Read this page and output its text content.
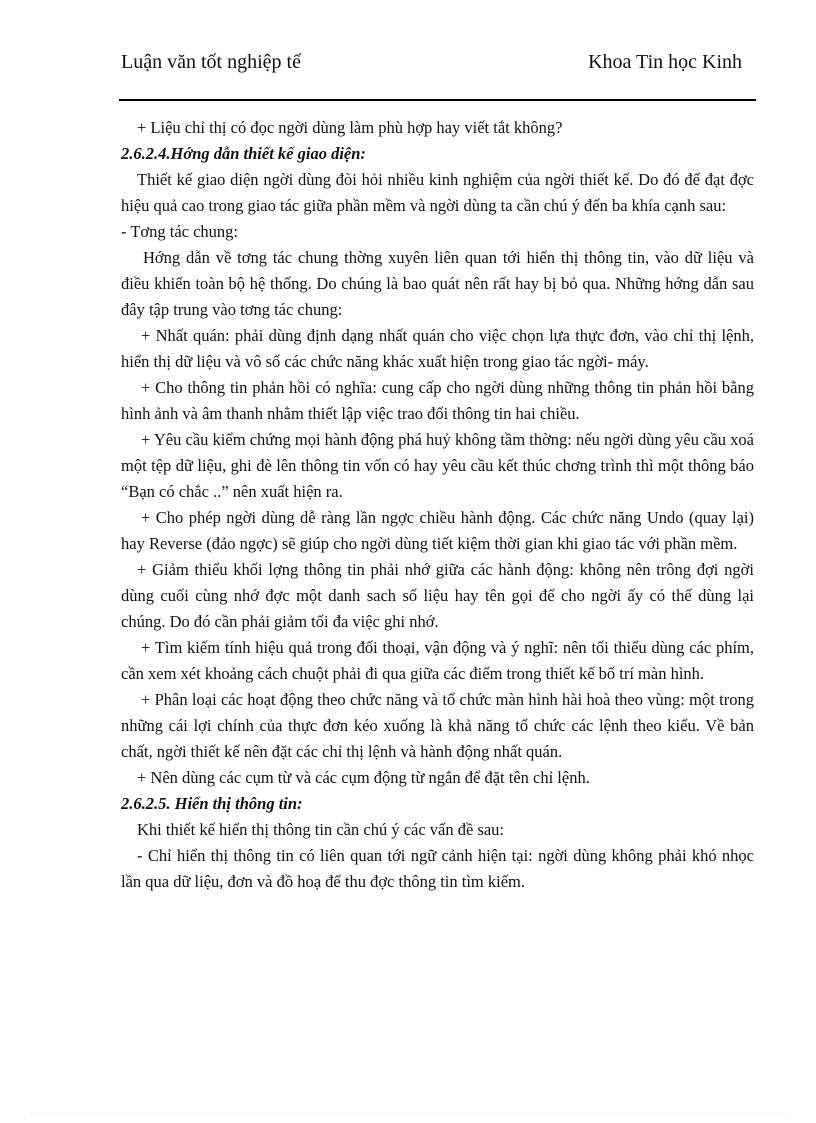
Luận văn tốt nghiệp tế	Khoa Tin học Kinh

+ Liệu chỉ thị có đọc ngời dùng làm phù hợp hay viết tắt không?

2.6.2.4.Hớng dẫn thiết kế giao diện:

Thiết kế giao diện ngời dùng đòi hỏi nhiều kinh nghiệm của ngời thiết kế. Do đó để đạt đợc hiệu quả cao trong giao tác giữa phần mềm và ngời dùng ta cần chú ý đến ba khía cạnh sau:

- Tơng tác chung:

Hớng dẫn về tơng tác chung thờng xuyên liên quan tới hiển thị thông tin, vào dữ liệu và điều khiển toàn bộ hệ thống. Do chúng là bao quát nên rất hay bị bỏ qua. Những hớng dẫn sau đây tập trung vào tơng tác chung:

+ Nhất quán: phải dùng định dạng nhất quán cho việc chọn lựa thực đơn, vào chỉ thị lệnh, hiển thị dữ liệu và vô số các chức năng khác xuất hiện trong giao tác ngời- máy.

+ Cho thông tin phản hồi có nghĩa: cung cấp cho ngời dùng những thông tin phản hồi bằng hình ảnh và âm thanh nhằm thiết lập việc trao đổi thông tin hai chiều.

+ Yêu cầu kiểm chứng mọi hành động phá huỷ không tầm thờng: nếu ngời dùng yêu cầu xoá một tệp dữ liệu, ghi đè lên thông tin vốn có hay yêu cầu kết thúc chơng trình thì một thông báo “Bạn có chắc ..” nên xuất hiện ra.

+ Cho phép ngời dùng dễ ràng lần ngợc chiều hành động. Các chức năng Undo (quay lại) hay Reverse (đảo ngợc) sẽ giúp cho ngời dùng tiết kiệm thời gian khi giao tác với phần mềm.

+ Giảm thiểu khối lợng thông tin phải nhớ giữa các hành động: không nên trông đợi ngời dùng cuối cùng nhớ đợc một danh sach số liệu hay tên gọi để cho ngời ấy có thể dùng lại chúng. Do đó cần phải giảm tối đa việc ghi nhớ.

+ Tìm kiếm tính hiệu quả trong đối thoại, vận động và ý nghĩ: nên tối thiểu dùng các phím, cần xem xét khoảng cách chuột phải đi qua giữa các điểm trong thiết kế bố trí màn hình.

+ Phân loại các hoạt động theo chức năng và tổ chức màn hình hài hoà theo vùng: một trong những cái lợi chính của thực đơn kéo xuống là khả năng tổ chức các lệnh theo kiểu. Về bản chất, ngời thiết kế nên đặt các chỉ thị lệnh và hành động nhất quán.

+ Nên dùng các cụm từ và các cụm động từ ngắn để đặt tên chỉ lệnh.

2.6.2.5. Hiển thị thông tin:

Khi thiết kế hiển thị thông tin cần chú ý các vấn đề sau:

- Chỉ hiển thị thông tin có liên quan tới ngữ cảnh hiện tại: ngời dùng không phải khó nhọc lần qua dữ liệu, đơn và đồ hoạ để thu đợc thông tin tìm kiếm.
